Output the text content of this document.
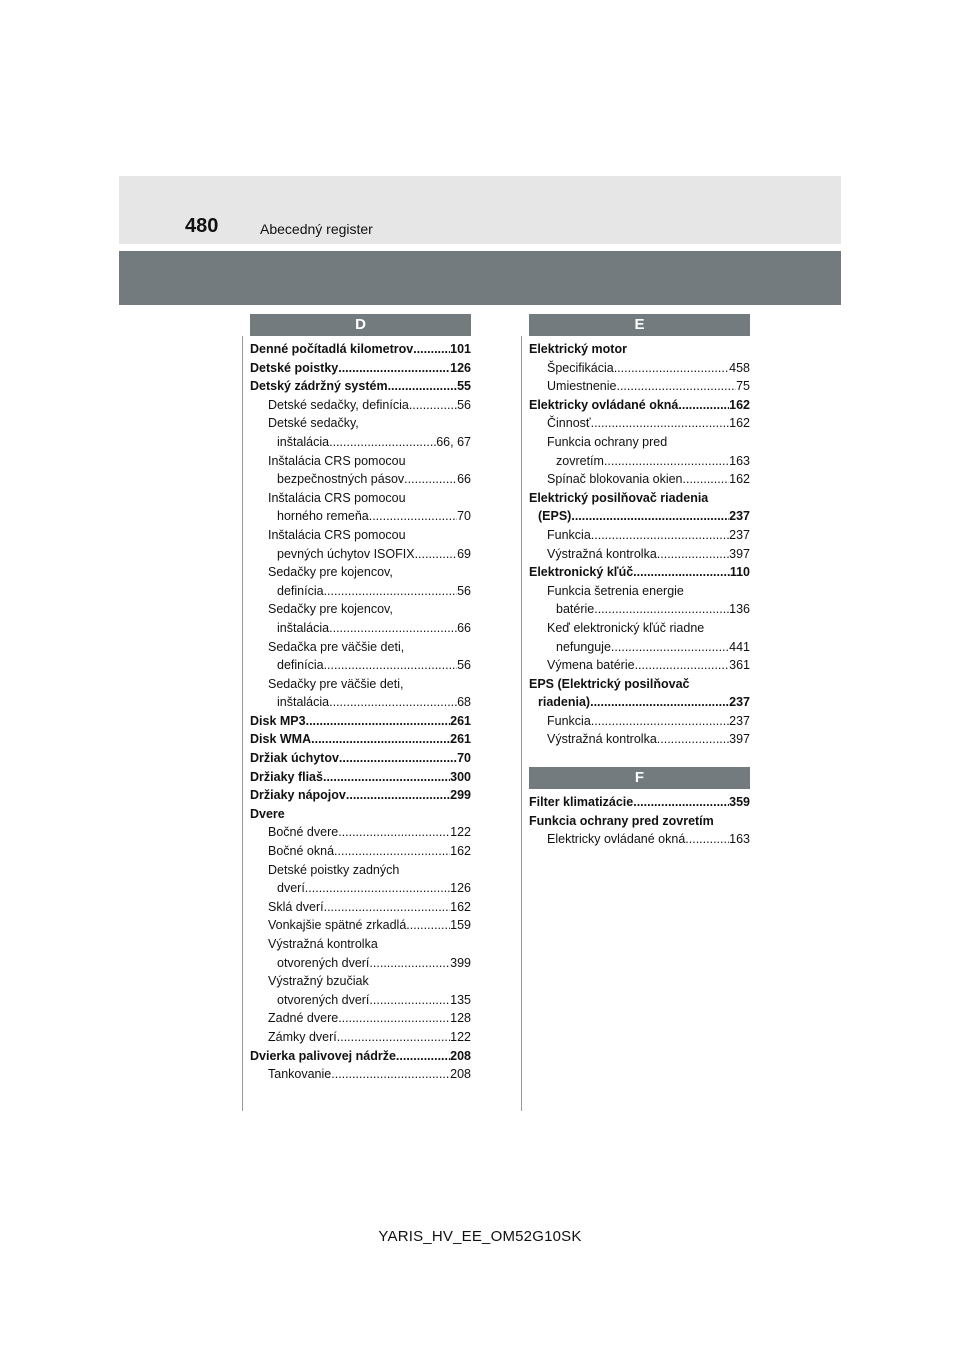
480	Abecedný register
D
Denné počítadlá kilometrov .....	101
Detské poistky .....	126
Detský zádržný systém .....	55
Detské sedačky, definícia .....	56
Detské sedačky,
inštalácia .....	66, 67
Inštalácia CRS pomocou
bezpečnostných pásov .....	66
Inštalácia CRS pomocou
horného remeňa .....	70
Inštalácia CRS pomocou
pevných úchytov ISOFIX .....	69
Sedačky pre kojencov,
definícia .....	56
Sedačky pre kojencov,
inštalácia .....	66
Sedačka pre väčšie deti,
definícia .....	56
Sedačky pre väčšie deti,
inštalácia .....	68
Disk MP3 .....	261
Disk WMA .....	261
Držiak úchytov .....	70
Držiaky fliaš .....	300
Držiaky nápojov .....	299
Dvere
Bočné dvere .....	122
Bočné okná .....	162
Detské poistky zadných
dverí .....	126
Sklá dverí .....	162
Vonkajšie spätné zrkadlá .....	159
Výstražná kontrolka
otvorených dverí .....	399
Výstražný bzučiak
otvorených dverí .....	135
Zadné dvere .....	128
Zámky dverí .....	122
Dvierka palivovej nádrže .....	208
Tankovanie .....	208
E
Elektrický motor
Špecifikácia .....	458
Umiestnenie .....	75
Elektricky ovládané okná .....	162
Činnosť .....	162
Funkcia ochrany pred
zovretím .....	163
Spínač blokovania okien .....	162
Elektrický posilňovač riadenia
(EPS) .....	237
Funkcia .....	237
Výstražná kontrolka .....	397
Elektronický kľúč .....	110
Funkcia šetrenia energie
batérie .....	136
Keď elektronický kľúč riadne
nefunguje .....	441
Výmena batérie .....	361
EPS (Elektrický posilňovač
riadenia) .....	237
Funkcia .....	237
Výstražná kontrolka .....	397
F
Filter klimatizácie .....	359
Funkcia ochrany pred zovretím
Elektricky ovládané okná .....	163
YARIS_HV_EE_OM52G10SK
